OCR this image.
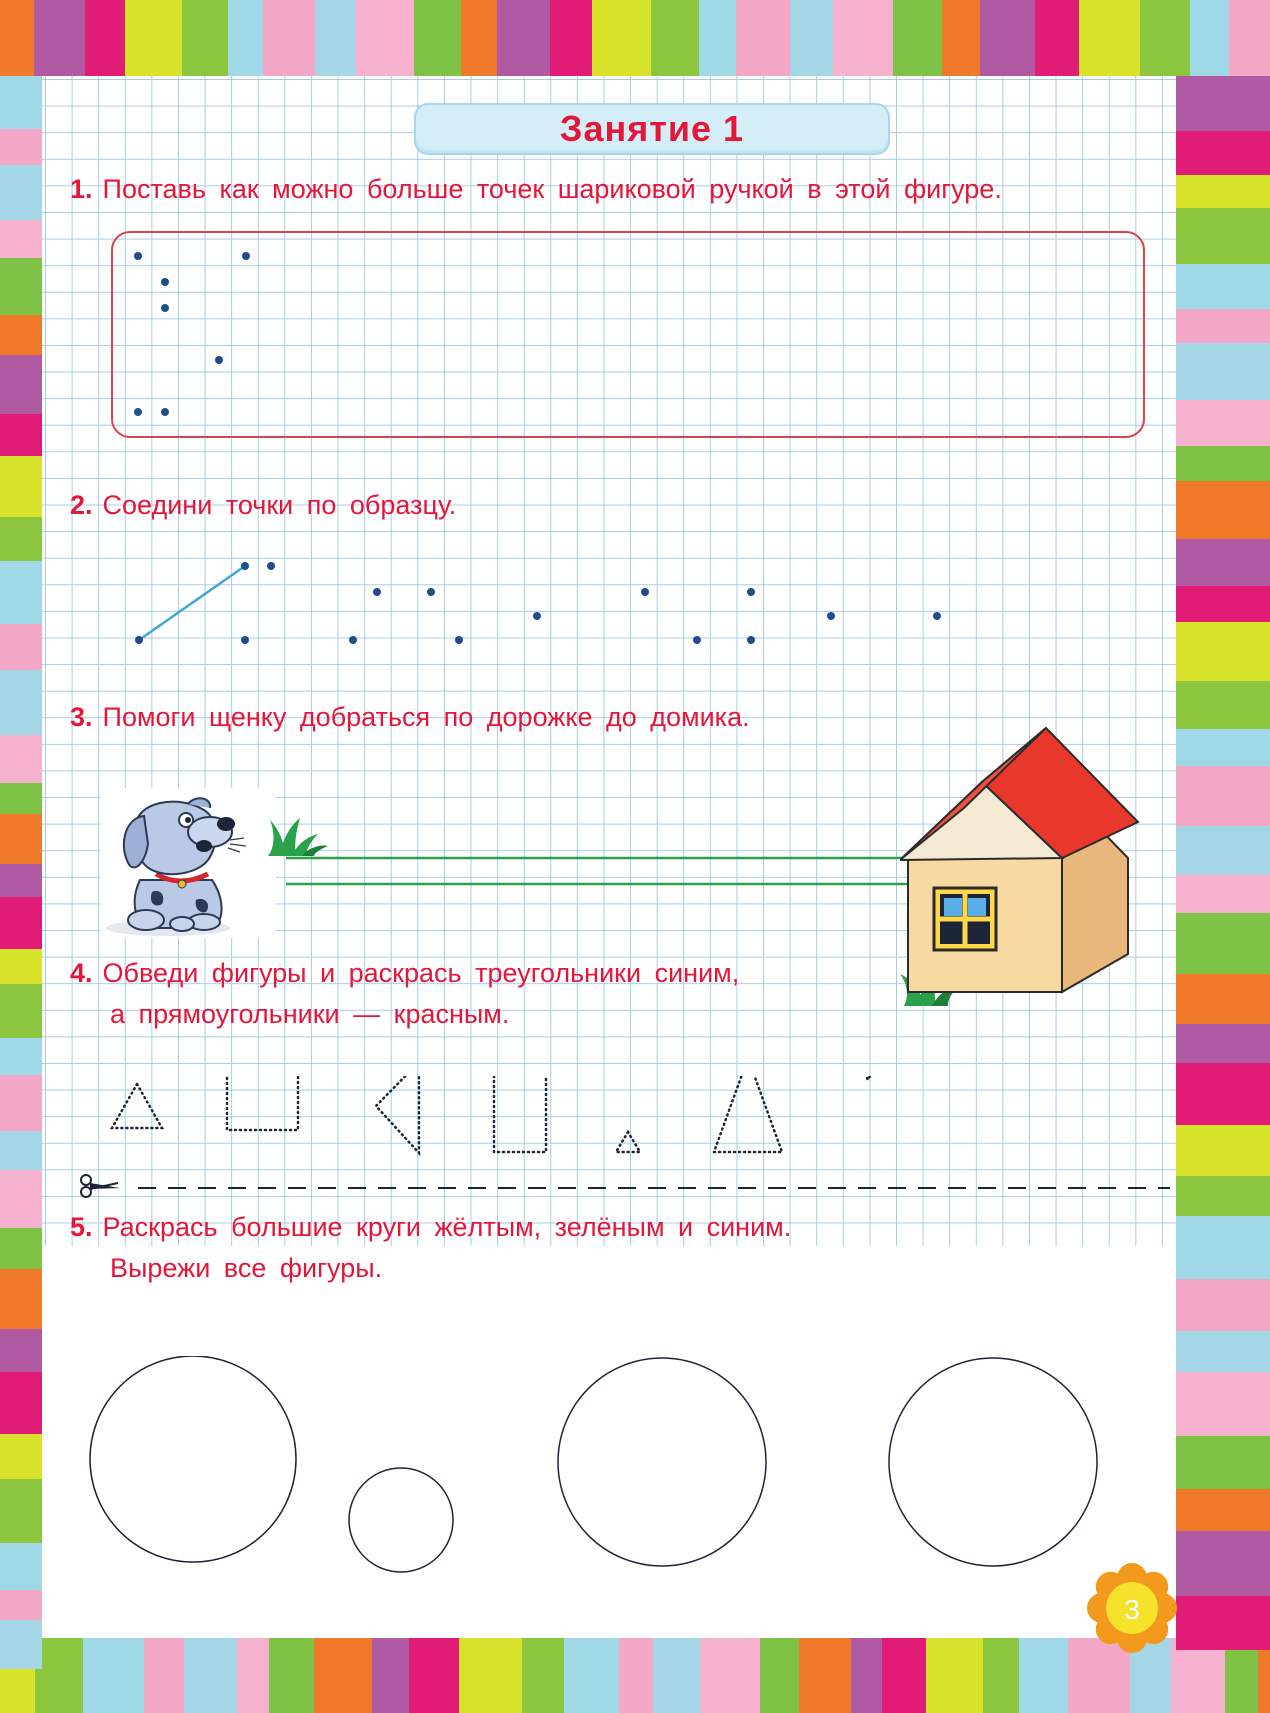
Занятие 1
1. Поставь как можно больше точек шариковой ручкой в этой фигуре.
2. Соедини точки по образцу.
3. Помоги щенку добраться по дорожке до домика.
4. Обведи фигуры и раскрась треугольники синим,
а прямоугольники — красным.
5. Раскрась большие круги жёлтым, зелёным и синим.
Вырежи все фигуры.
3
